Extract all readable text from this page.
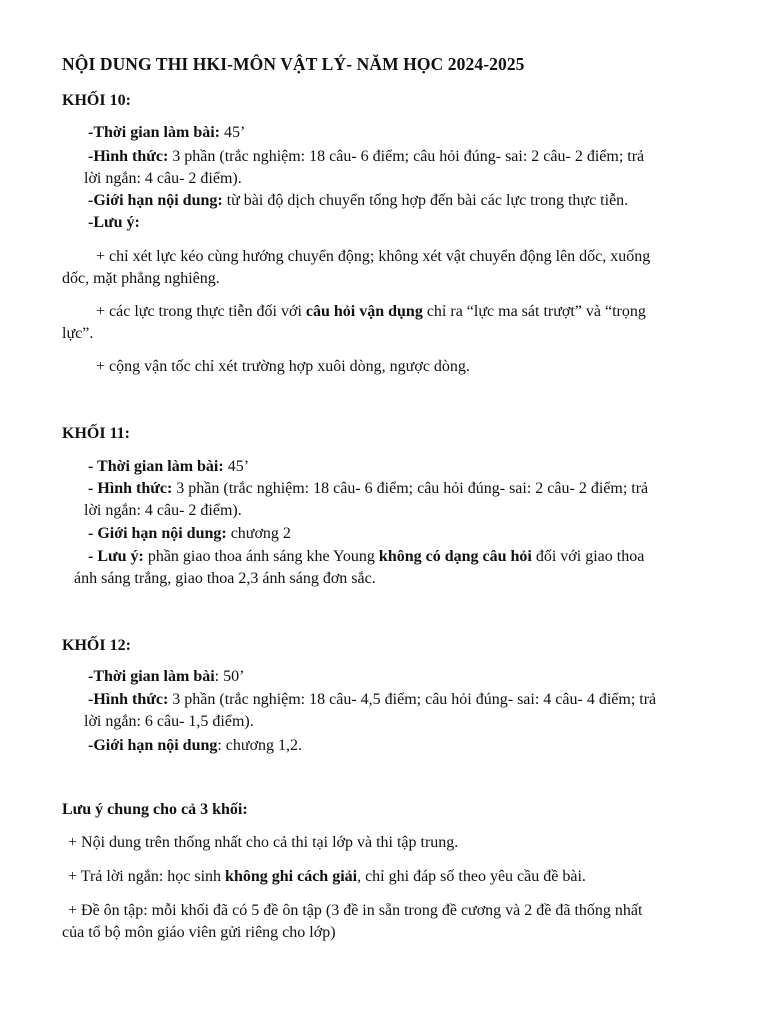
NỘI DUNG THI HKI-MÔN VẬT LÝ- NĂM HỌC 2024-2025
KHỐI 10:
-Thời gian làm bài: 45’
-Hình thức: 3 phần (trắc nghiệm: 18 câu- 6 điểm; câu hỏi đúng- sai: 2 câu- 2 điểm; trả
lời ngắn: 4 câu- 2 điểm).
-Giới hạn nội dung: từ bài độ dịch chuyển tổng hợp đến bài các lực trong thực tiễn.
-Lưu ý:
+ chỉ xét lực kéo cùng hướng chuyển động; không xét vật chuyển động lên dốc, xuống
dốc, mặt phẳng nghiêng.
+ các lực trong thực tiễn đối với câu hỏi vận dụng chỉ ra “lực ma sát trượt” và “trọng
lực”.
+ cộng vận tốc chỉ xét trường hợp xuôi dòng, ngược dòng.
KHỐI 11:
- Thời gian làm bài: 45’
- Hình thức: 3 phần (trắc nghiệm: 18 câu- 6 điểm; câu hỏi đúng- sai: 2 câu- 2 điểm; trả
lời ngắn: 4 câu- 2 điểm).
- Giới hạn nội dung: chương 2
- Lưu ý: phần giao thoa ánh sáng khe Young không có dạng câu hỏi đối với giao thoa
ánh sáng trắng, giao thoa 2,3 ánh sáng đơn sắc.
KHỐI 12:
-Thời gian làm bài: 50’
-Hình thức: 3 phần (trắc nghiệm: 18 câu- 4,5 điểm; câu hỏi đúng- sai: 4 câu- 4 điểm; trả
lời ngắn: 6 câu- 1,5 điểm).
-Giới hạn nội dung: chương 1,2.
Lưu ý chung cho cả 3 khối:
+ Nội dung trên thống nhất cho cả thi tại lớp và thi tập trung.
+ Trả lời ngắn: học sinh không ghi cách giải, chỉ ghi đáp số theo yêu cầu đề bài.
+ Đề ôn tập: mỗi khối đã có 5 đề ôn tập (3 đề in sẵn trong đề cương và 2 đề đã thống nhất
của tổ bộ môn giáo viên gửi riêng cho lớp)
